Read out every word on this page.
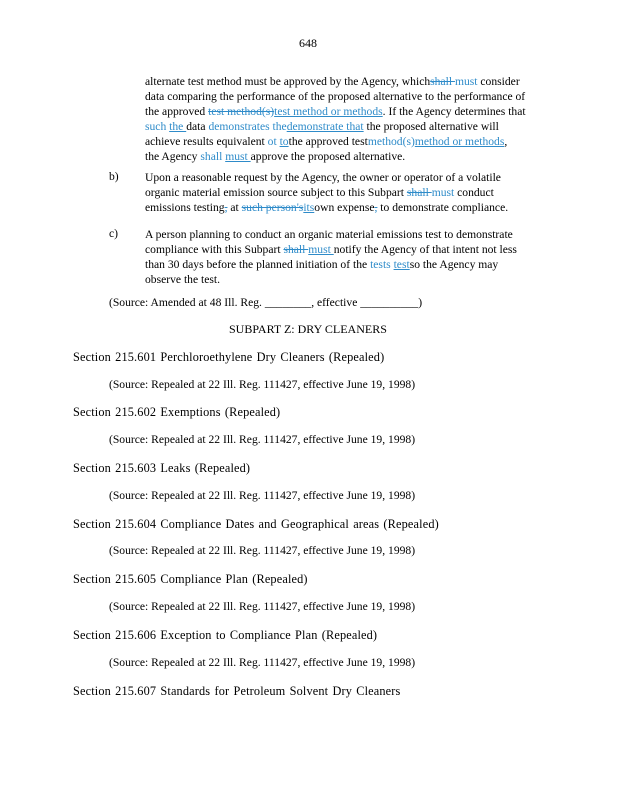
648
alternate test method must be approved by the Agency, whichshall must consider
data comparing the performance of the proposed alternative to the performance of
the approved test method(s)test method or methods. If the Agency determines that
such the data demonstrates thedemonstrate that the proposed alternative will
achieve results equivalent ot tothe approved testmethod(s)method or methods,
the Agency shall must approve the proposed alternative.
b) Upon a reasonable request by the Agency, the owner or operator of a volatile
organic material emission source subject to this Subpart shall must conduct
emissions testing, at such person'sitsown expense, to demonstrate compliance.
c) A person planning to conduct an organic material emissions test to demonstrate
compliance with this Subpart shall must notify the Agency of that intent not less
than 30 days before the planned initiation of the tests testso the Agency may
observe the test.
(Source: Amended at 48 Ill. Reg. ________, effective __________)
SUBPART Z: DRY CLEANERS
Section 215.601 Perchloroethylene Dry Cleaners (Repealed)
(Source: Repealed at 22 Ill. Reg. 111427, effective June 19, 1998)
Section 215.602 Exemptions (Repealed)
(Source: Repealed at 22 Ill. Reg. 111427, effective June 19, 1998)
Section 215.603 Leaks (Repealed)
(Source: Repealed at 22 Ill. Reg. 111427, effective June 19, 1998)
Section 215.604 Compliance Dates and Geographical areas (Repealed)
(Source: Repealed at 22 Ill. Reg. 111427, effective June 19, 1998)
Section 215.605 Compliance Plan (Repealed)
(Source: Repealed at 22 Ill. Reg. 111427, effective June 19, 1998)
Section 215.606 Exception to Compliance Plan (Repealed)
(Source: Repealed at 22 Ill. Reg. 111427, effective June 19, 1998)
Section 215.607 Standards for Petroleum Solvent Dry Cleaners
